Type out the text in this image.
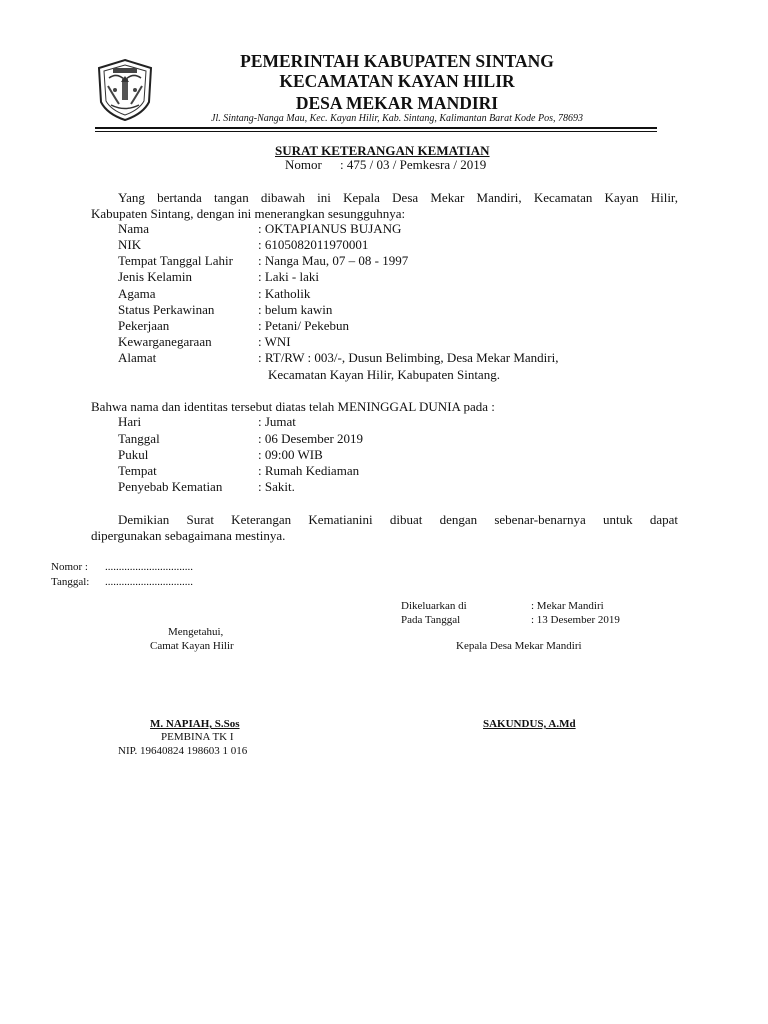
PEMERINTAH KABUPATEN SINTANG
KECAMATAN KAYAN HILIR
DESA MEKAR MANDIRI
Jl. Sintang-Nanga Mau, Kec. Kayan Hilir, Kab. Sintang, Kalimantan Barat Kode Pos, 78693
SURAT KETERANGAN KEMATIAN
Nomor : 475 / 03 / Pemkesra / 2019
Yang bertanda tangan dibawah ini Kepala Desa Mekar Mandiri, Kecamatan Kayan Hilir,
Kabupaten Sintang, dengan ini menerangkan sesungguhnya:
Nama	: OKTAPIANUS BUJANG
NIK	: 6105082011970001
Tempat Tanggal Lahir : Nanga Mau, 07 – 08 - 1997
Jenis Kelamin	: Laki - laki
Agama	: Katholik
Status Perkawinan	: belum kawin
Pekerjaan	: Petani/ Pekebun
Kewarganegaraan	: WNI
Alamat	: RT/RW : 003/-, Dusun Belimbing, Desa Mekar Mandiri,
Kecamatan Kayan Hilir, Kabupaten Sintang.
Bahwa nama dan identitas tersebut diatas telah MENINGGAL DUNIA pada :
Hari	: Jumat
Tanggal	: 06 Desember 2019
Pukul	: 09:00 WIB
Tempat	: Rumah Kediaman
Penyebab Kematian	: Sakit.
Demikian Surat Keterangan Kematianini dibuat dengan sebenar-benarnya untuk dapat
dipergunakan sebagaimana mestinya.
Nomor : ................................
Tanggal: ................................
Dikeluarkan di	: Mekar Mandiri
Pada Tanggal	: 13 Desember 2019
Mengetahui,
Camat Kayan Hilir	Kepala Desa Mekar Mandiri
M. NAPIAH, S.Sos
PEMBINA TK I
NIP. 19640824 198603 1 016
SAKUNDUS, A.Md
